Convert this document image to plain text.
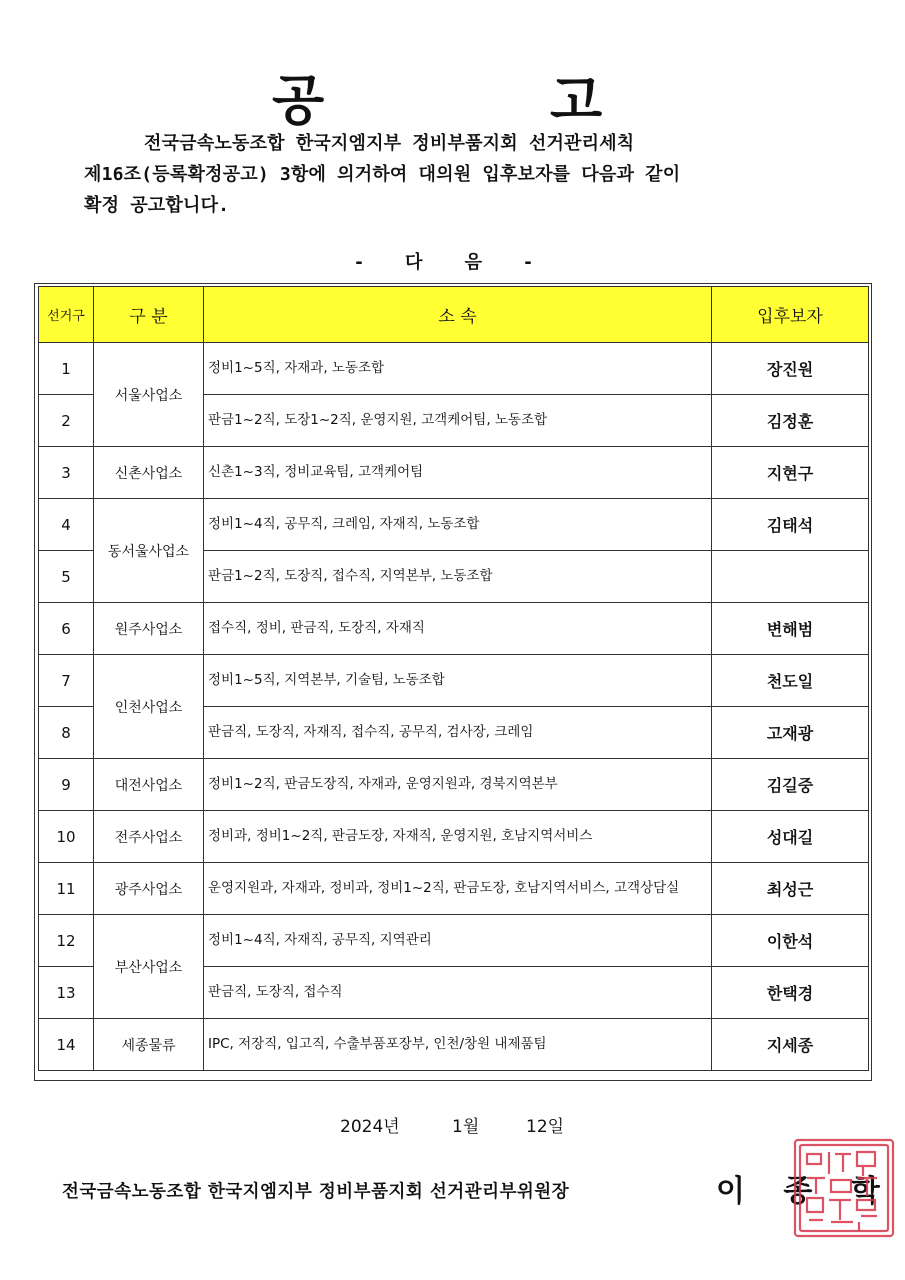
공	고
전국금속노동조합 한국지엠지부 정비부품지회 선거관리세칙
제16조(등록확정공고) 3항에 의거하여 대의원 입후보자를 다음과 같이
확정 공고합니다.
- 다 음 -
선거구	구 분	소 속	입후보자
1	서울사업소	정비1~5직, 자재과, 노동조합	장진원
2		판금1~2직, 도장1~2직, 운영지원, 고객케어팀, 노동조합	김정훈
3	신촌사업소	신촌1~3직, 정비교육팀, 고객케어팀	지현구
4	동서울사업소	정비1~4직, 공무직, 크레임, 자재직, 노동조합	김태석
5		판금1~2직, 도장직, 접수직, 지역본부, 노동조합	
6	원주사업소	접수직, 정비, 판금직, 도장직, 자재직	변해범
7	인천사업소	정비1~5직, 지역본부, 기술팀, 노동조합	천도일
8		판금직, 도장직, 자재직, 접수직, 공무직, 검사장, 크레임	고재광
9	대전사업소	정비1~2직, 판금도장직, 자재과, 운영지원과, 경북지역본부	김길중
10	전주사업소	정비과, 정비1~2직, 판금도장, 자재직, 운영지원, 호남지역서비스	성대길
11	광주사업소	운영지원과, 자재과, 정비과, 정비1~2직, 판금도장, 호남지역서비스, 고객상담실	최성근
12	부산사업소	정비1~4직, 자재직, 공무직, 지역관리	이한석
13		판금직, 도장직, 접수직	한택경
14	세종물류	IPC, 저장직, 입고직, 수출부품포장부, 인천/창원 내제품팀	지세종
2024년	1월	12일
전국금속노동조합 한국지엠지부 정비부품지회 선거관리부위원장	이 종 학
